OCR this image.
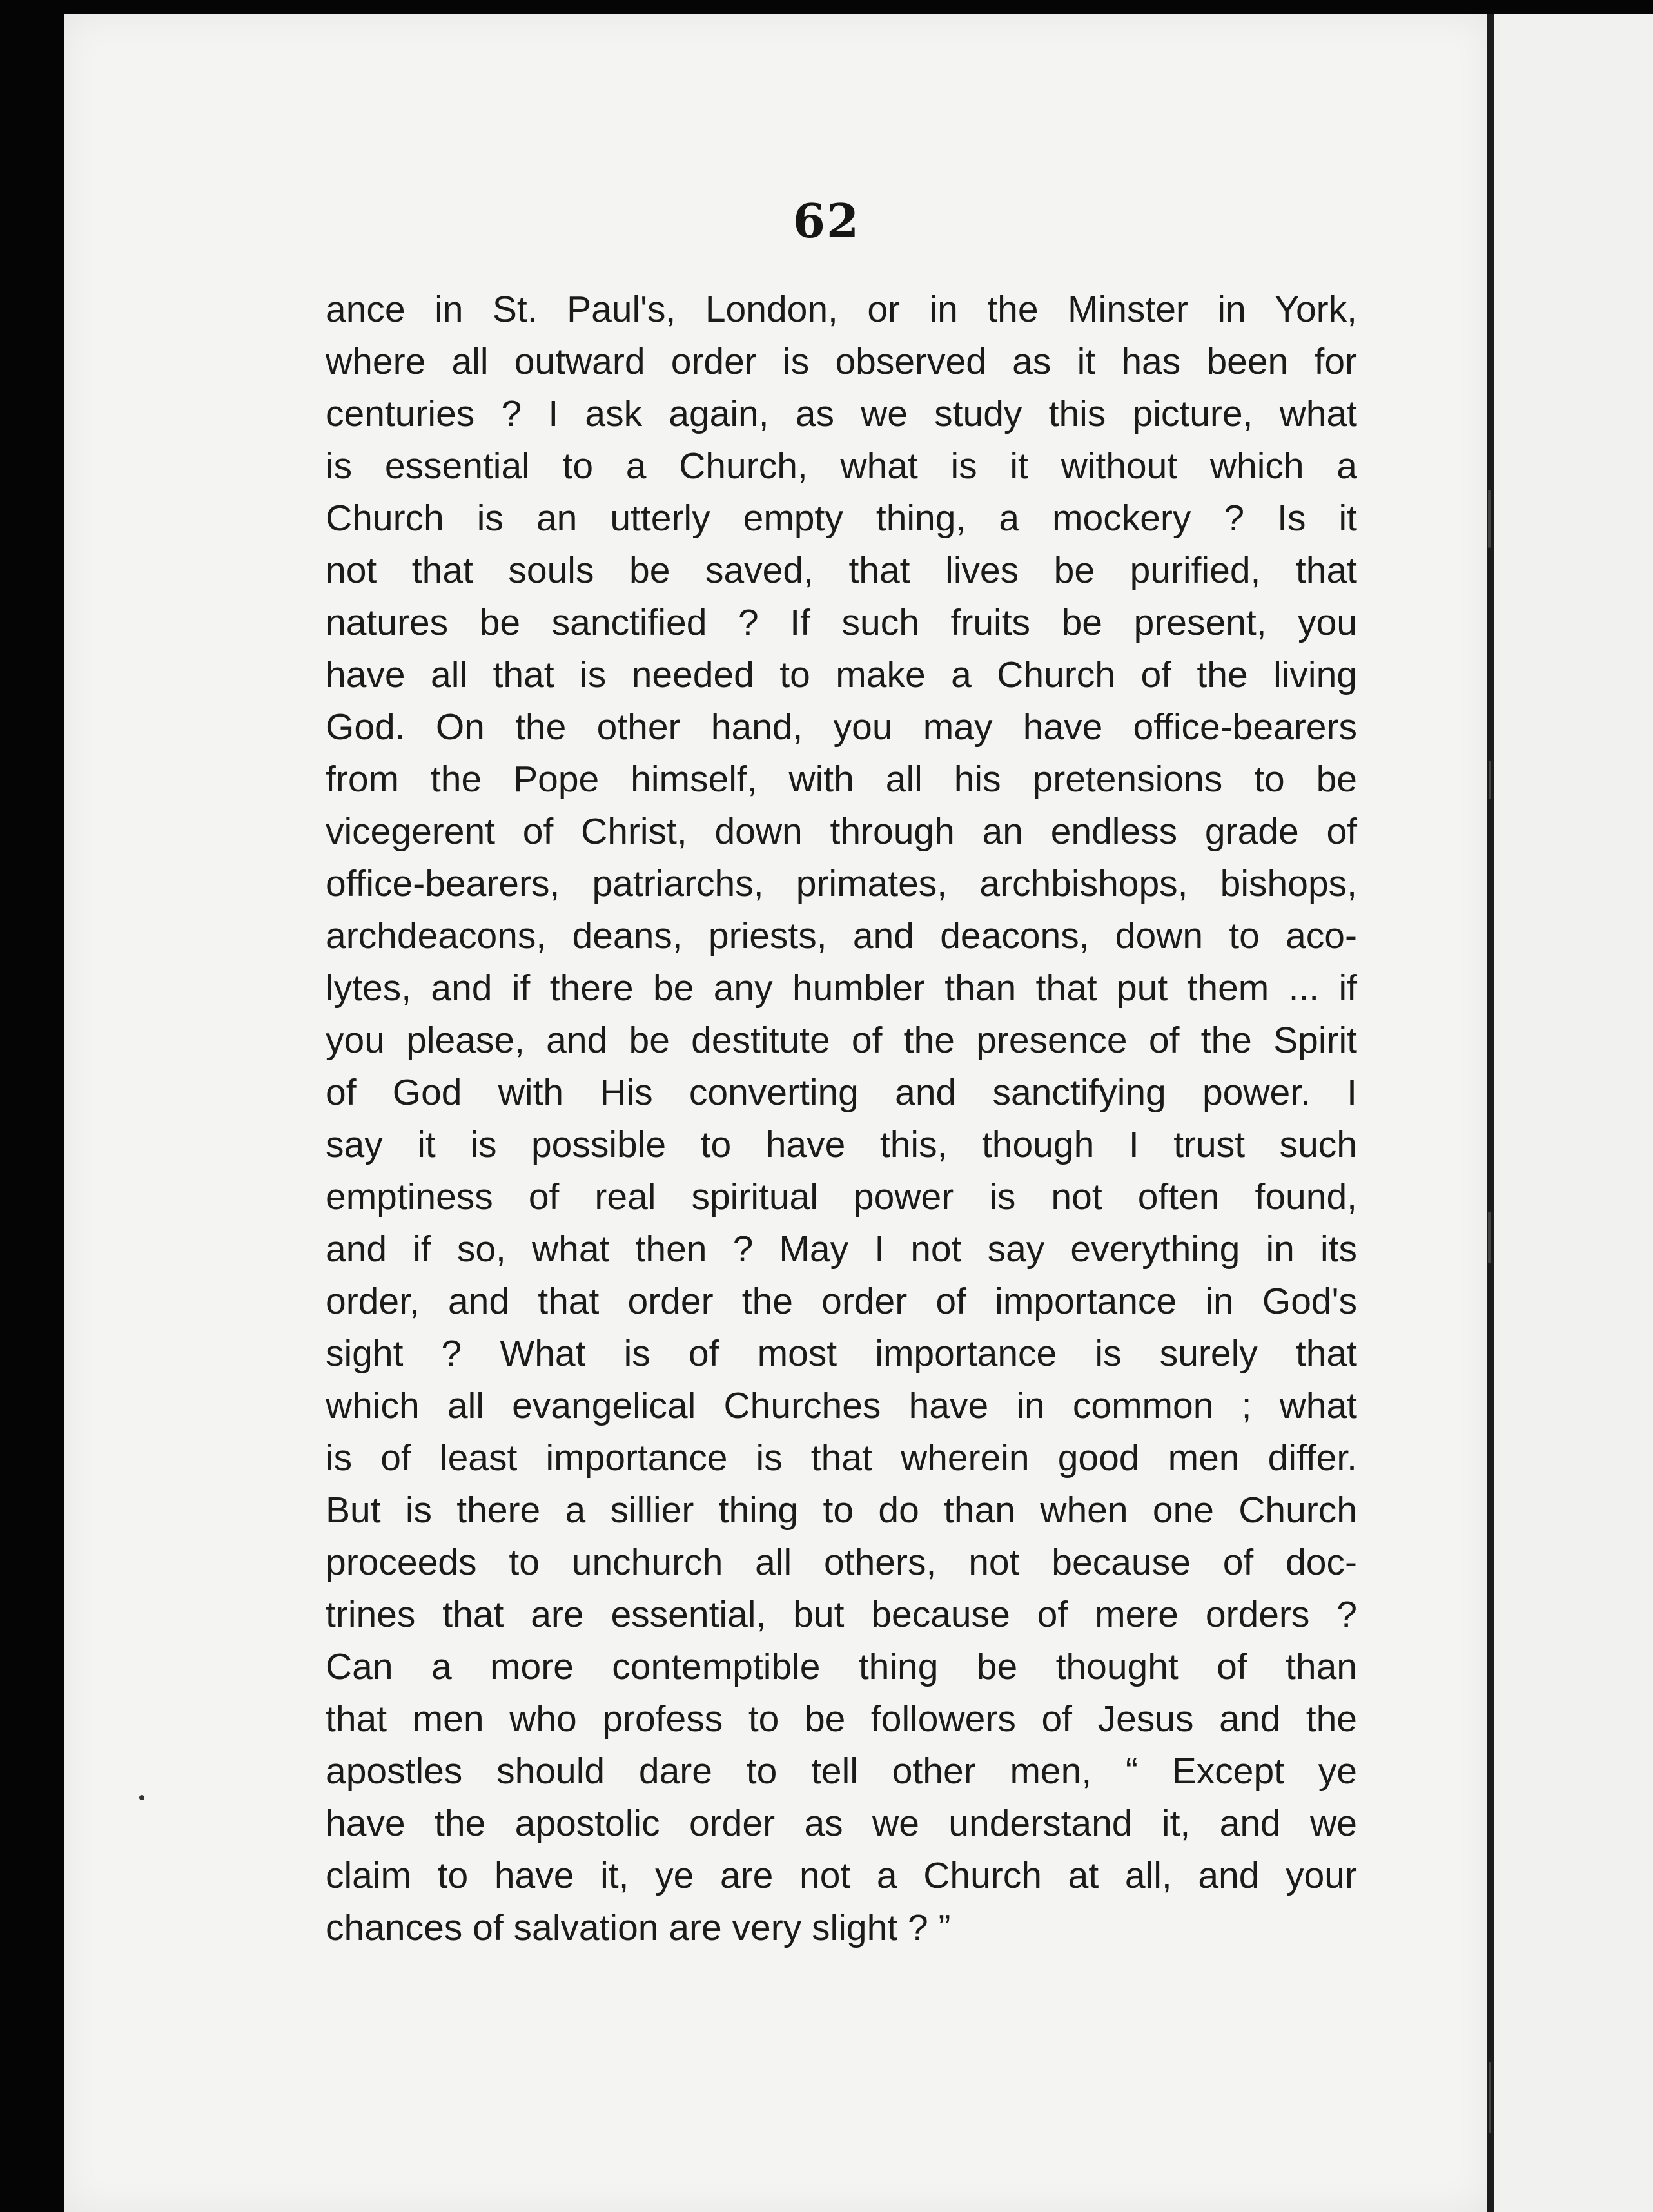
62
ance in St. Paul's, London, or in the Minster in York,
where all outward order is observed as it has been for
centuries ? I ask again, as we study this picture, what
is essential to a Church, what is it without which a
Church is an utterly empty thing, a mockery ? Is it
not that souls be saved, that lives be purified, that
natures be sanctified ? If such fruits be present, you
have all that is needed to make a Church of the living
God. On the other hand, you may have office-bearers
from the Pope himself, with all his pretensions to be
vicegerent of Christ, down through an endless grade of
office-bearers, patriarchs, primates, archbishops, bishops,
archdeacons, deans, priests, and deacons, down to aco-
lytes, and if there be any humbler than that put them ... if
you please, and be destitute of the presence of the Spirit
of God with His converting and sanctifying power. I
say it is possible to have this, though I trust such
emptiness of real spiritual power is not often found,
and if so, what then ? May I not say everything in its
order, and that order the order of importance in God's
sight ? What is of most importance is surely that
which all evangelical Churches have in common ; what
is of least importance is that wherein good men differ.
But is there a sillier thing to do than when one Church
proceeds to unchurch all others, not because of doc-
trines that are essential, but because of mere orders ?
Can a more contemptible thing be thought of than
that men who profess to be followers of Jesus and the
apostles should dare to tell other men, “ Except ye
have the apostolic order as we understand it, and we
claim to have it, ye are not a Church at all, and your
chances of salvation are very slight ? ”
